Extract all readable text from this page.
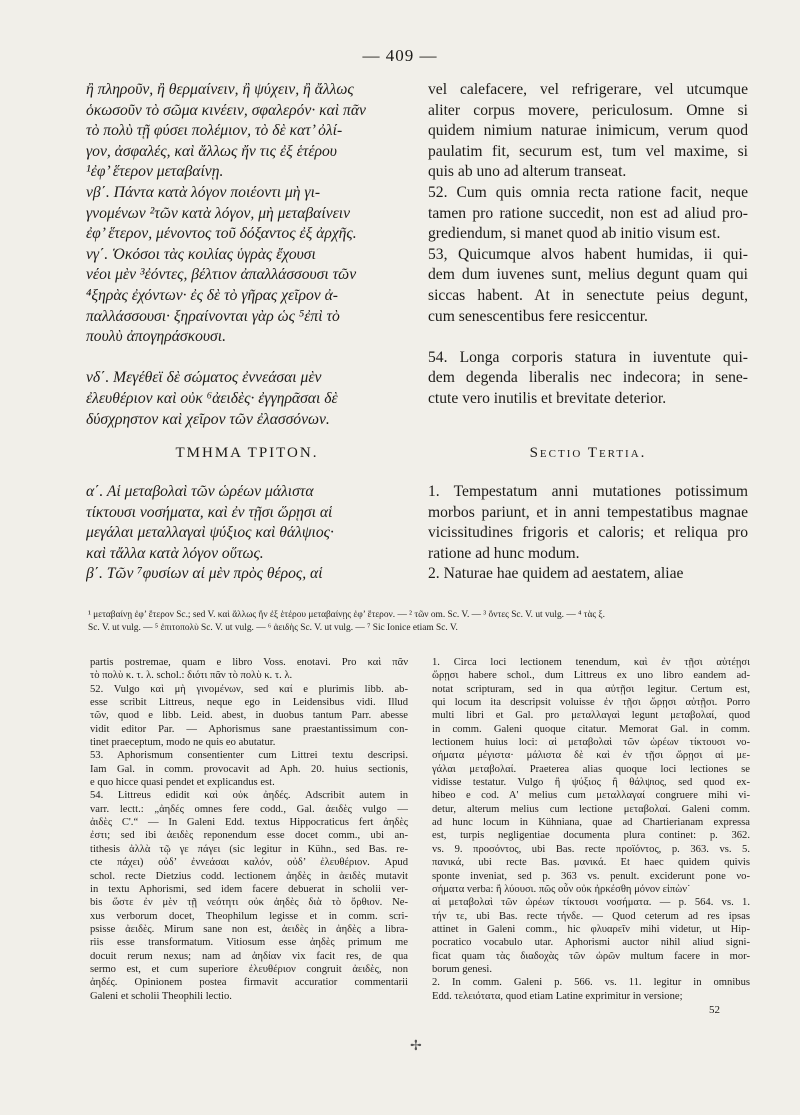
— 409 —
ἢ πληροῦν, ἢ θερμαίνειν, ἢ ψύχειν, ἢ ἄλλως
ὁκωσοῦν τὸ σῶμα κινέειν, σφαλερόν· καὶ πᾶν
τὸ πολὺ τῇ φύσει πολέμιον, τὸ δὲ κατ’ ὀλί-
γον, ἀσφαλές, καὶ ἄλλως ἤν τις ἐξ ἑτέρου
¹ἐφ’ ἕτερον μεταβαίνῃ.
νβ΄. Πάντα κατὰ λόγον ποιέοντι μὴ γι-
γνομένων ²τῶν κατὰ λόγον, μὴ μεταβαίνειν
ἐφ’ ἕτερον, μένοντος τοῦ δόξαντος ἐξ ἀρχῆς.
νγ΄. Ὁκόσοι τὰς κοιλίας ὑγρὰς ἔχουσι
νέοι μὲν ³ἐόντες, βέλτιον ἀπαλλάσσουσι τῶν
⁴ξηρὰς ἐχόντων· ἐς δὲ τὸ γῆρας χεῖρον ἀ-
παλλάσσουσι· ξηραίνονται γὰρ ὡς ⁵ἐπὶ τὸ
πουλὺ ἀπογηράσκουσι.
νδ΄. Μεγέθεϊ δὲ σώματος ἐννεάσαι μὲν
ἐλευθέριον καὶ οὐκ ⁶ἀειδὲς· ἐγγηρᾶσαι δὲ
δύσχρηστον καὶ χεῖρον τῶν ἐλασσόνων.
vel calefacere, vel refrigerare, vel utcumque
aliter corpus movere, periculosum. Omne si
quidem nimium naturae inimicum, verum quod
paulatim fit, securum est, tum vel maxime, si
quis ab uno ad alterum transeat.
52. Cum quis omnia recta ratione facit, neque
tamen pro ratione succedit, non est ad aliud pro-
grediendum, si manet quod ab initio visum est.
53, Quicumque alvos habent humidas, ii qui-
dem dum iuvenes sunt, melius degunt quam qui
siccas habent. At in senectute peius degunt,
cum senescentibus fere resiccentur.
54. Longa corporis statura in iuventute qui-
dem degenda liberalis nec indecora; in sene-
ctute vero inutilis et brevitate deterior.
ΤΜΗΜΑ ΤΡΙΤΟΝ.	Sectio Tertia.
α΄. Αἱ μεταβολαὶ τῶν ὡρέων μάλιστα
τίκτουσι νοσήματα, καὶ ἐν τῇσι ὥρῃσι αἱ
μεγάλαι μεταλλαγαὶ ψύξιος καὶ θάλψιος·
καὶ τἄλλα κατὰ λόγον οὕτως.
β΄. Τῶν ⁷φυσίων αἱ μὲν πρὸς θέρος, αἱ
1. Tempestatum anni mutationes potissimum
morbos pariunt, et in anni tempestatibus magnae
vicissitudines frigoris et caloris; et reliqua pro
ratione ad hunc modum.
2. Naturae hae quidem ad aestatem, aliae
¹ μεταβαίνῃ ἐφ’ ἕτερον Sc.; sed V. καὶ ἄλλως ἤν ἐξ ἑτέρου μεταβαίνῃς ἐφ’ ἕτερον. — ² τῶν om. Sc. V. — ³ ὄντες Sc. V. ut vulg. — ⁴ τὰς ξ.
Sc. V. ut vulg. — ⁵ ἐπιτοπολὺ Sc. V. ut vulg. — ⁶ ἀειδὴς Sc. V. ut vulg. — ⁷ Sic Ionice etiam Sc. V.
partis postremae, quam e libro Voss. enotavi. Pro καὶ πᾶν
τὸ πολὺ κ. τ. λ. schol.: διότι πᾶν τὸ πολὺ κ. τ. λ.
52. Vulgo καὶ μὴ γινομένων, sed καί e plurimis libb. ab-
esse scribit Littreus, neque ego in Leidensibus vidi. Illud
τῶν, quod e libb. Leid. abest, in duobus tantum Parr. abesse
vidit editor Par. — Aphorismus sane praestantissimum con-
tinet praeceptum, modo ne quis eo abutatur.
53. Aphorismum consentienter cum Littrei textu descripsi.
Iam Gal. in comm. provocavit ad Aph. 20. huius sectionis,
e quo hicce quasi pendet et explicandus est.
54. Littreus edidit καὶ οὐκ ἀηδές. Adscribit autem in
varr. lectt.: „ἀηδές omnes fere codd., Gal. ἀειδὲς vulgo —
ἀιδὲς C'.“ — In Galeni Edd. textus Hippocraticus fert ἀηδὲς
ἐστι; sed ibi ἀειδὲς reponendum esse docet comm., ubi an-
tithesis ἀλλὰ τῷ γε πάγει (sic legitur in Kühn., sed Bas. re-
cte πάχει) οὐδ’ ἐννεάσαι καλόν, οὐδ’ ἐλευθέριον. Apud
schol. recte Dietzius codd. lectionem ἀηδὲς in ἀειδὲς mutavit
in textu Aphorismi, sed idem facere debuerat in scholii ver-
bis ὥστε ἐν μὲν τῇ νεότητι οὐκ ἀηδὲς διὰ τὸ ὄρθιον. Ne-
xus verborum docet, Theophilum legisse et in comm. scri-
psisse ἀειδὲς. Mirum sane non est, ἀειδὲς in ἀηδὲς a libra-
riis esse transformatum. Vitiosum esse ἀηδὲς primum me
docuit rerum nexus; nam ad ἀηδίαν vix facit res, de qua
sermo est, et cum superiore ἐλευθέριον congruit ἀειδὲς, non
ἀηδές. Opinionem postea firmavit accuratior commentarii
Galeni et scholii Theophili lectio.
1. Circa loci lectionem tenendum, καὶ ἐν τῇσι αὐτέῃσι
ὥρῃσι habere schol., dum Littreus ex uno libro eandem ad-
notat scripturam, sed in qua αὐτῇσι legitur. Certum est,
qui locum ita descripsit voluisse ἐν τῇσι ὥρῃσι αὐτῇσι. Porro
multi libri et Gal. pro μεταλλαγαὶ legunt μεταβολαί, quod
in comm. Galeni quoque citatur. Memorat Gal. in comm.
lectionem huius loci: αἱ μεταβολαὶ τῶν ὡρέων τίκτουσι νο-
σήματα μέγιστα· μάλιστα δὲ καὶ ἐν τῇσι ὥρῃσι αἱ με-
γάλαι μεταβολαί. Praeterea alias quoque loci lectiones se
vidisse testatur. Vulgo ἢ ψύξιος ἢ θάλψιος, sed quod ex-
hibeo e cod. A' melius cum μεταλλαγαί congruere mihi vi-
detur, alterum melius cum lectione μεταβολαί. Galeni comm.
ad hunc locum in Kühniana, quae ad Chartierianam expressa
est, turpis negligentiae documenta plura continet: p. 362.
vs. 9. προσόντος, ubi Bas. recte προϊόντος, p. 363. vs. 5.
πανικά, ubi recte Bas. μανικά. Et haec quidem quivis
sponte inveniat, sed p. 363 vs. penult. exciderunt pone νο-
σήματα verba: ἢ λύουσι. πῶς οὖν οὐκ ἠρκέσθη μόνον εἰπὼν˙
αἱ μεταβολαὶ τῶν ὡρέων τίκτουσι νοσήματα. — p. 564. vs. 1.
τήν τε, ubi Bas. recte τήνδε. — Quod ceterum ad res ipsas
attinet in Galeni comm., hic φλυαρεῖν mihi videtur, ut Hip-
pocratico vocabulo utar. Aphorismi auctor nihil aliud signi-
ficat quam τὰς διαδοχὰς τῶν ὡρῶν multum facere in mor-
borum genesi.
2. In comm. Galeni p. 566. vs. 11. legitur in omnibus
Edd. τελειότατα, quod etiam Latine exprimitur in versione;
52
✢
